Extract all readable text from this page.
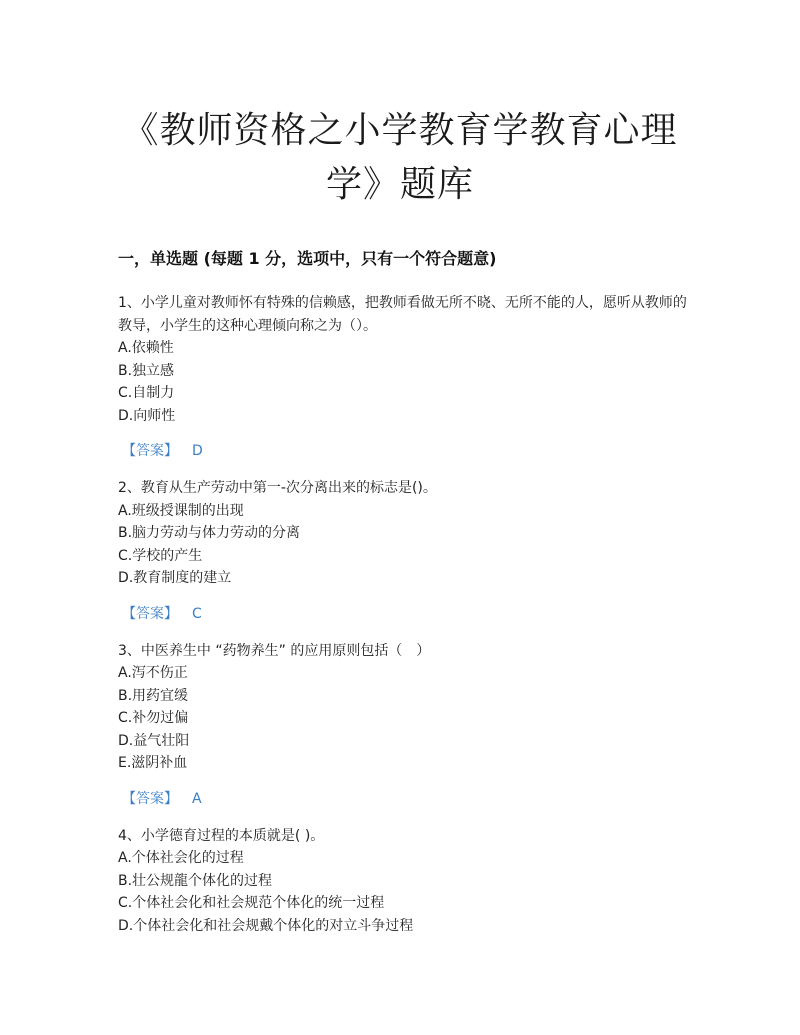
《教师资格之小学教育学教育心理学》题库
一，单选题 (每题 1 分，选项中，只有一个符合题意)

1、小学儿童对教师怀有特殊的信赖感，把教师看做无所不晓、无所不能的人，愿听从教师的教导，小学生的这种心理倾向称之为（）。

A.依赖性

B.独立感

C.自制力

D.向师性

【答案】 D

2、教育从生产劳动中第一-次分离出来的标志是()。

A.班级授课制的出现

B.脑力劳动与体力劳动的分离

C.学校的产生

D.教育制度的建立

【答案】 C

3、中医养生中 “药物养生” 的应用原则包括（　）

A.泻不伤正

B.用药宜缓

C.补勿过偏

D.益气壮阳

E.滋阴补血

【答案】 A

4、小学德育过程的本质就是( )。

A.个体社会化的过程

B.壮公规龍个体化的过程

C.个体社会化和社会规范个体化的统一过程

D.个体社会化和社会规戴个体化的对立斗争过程
